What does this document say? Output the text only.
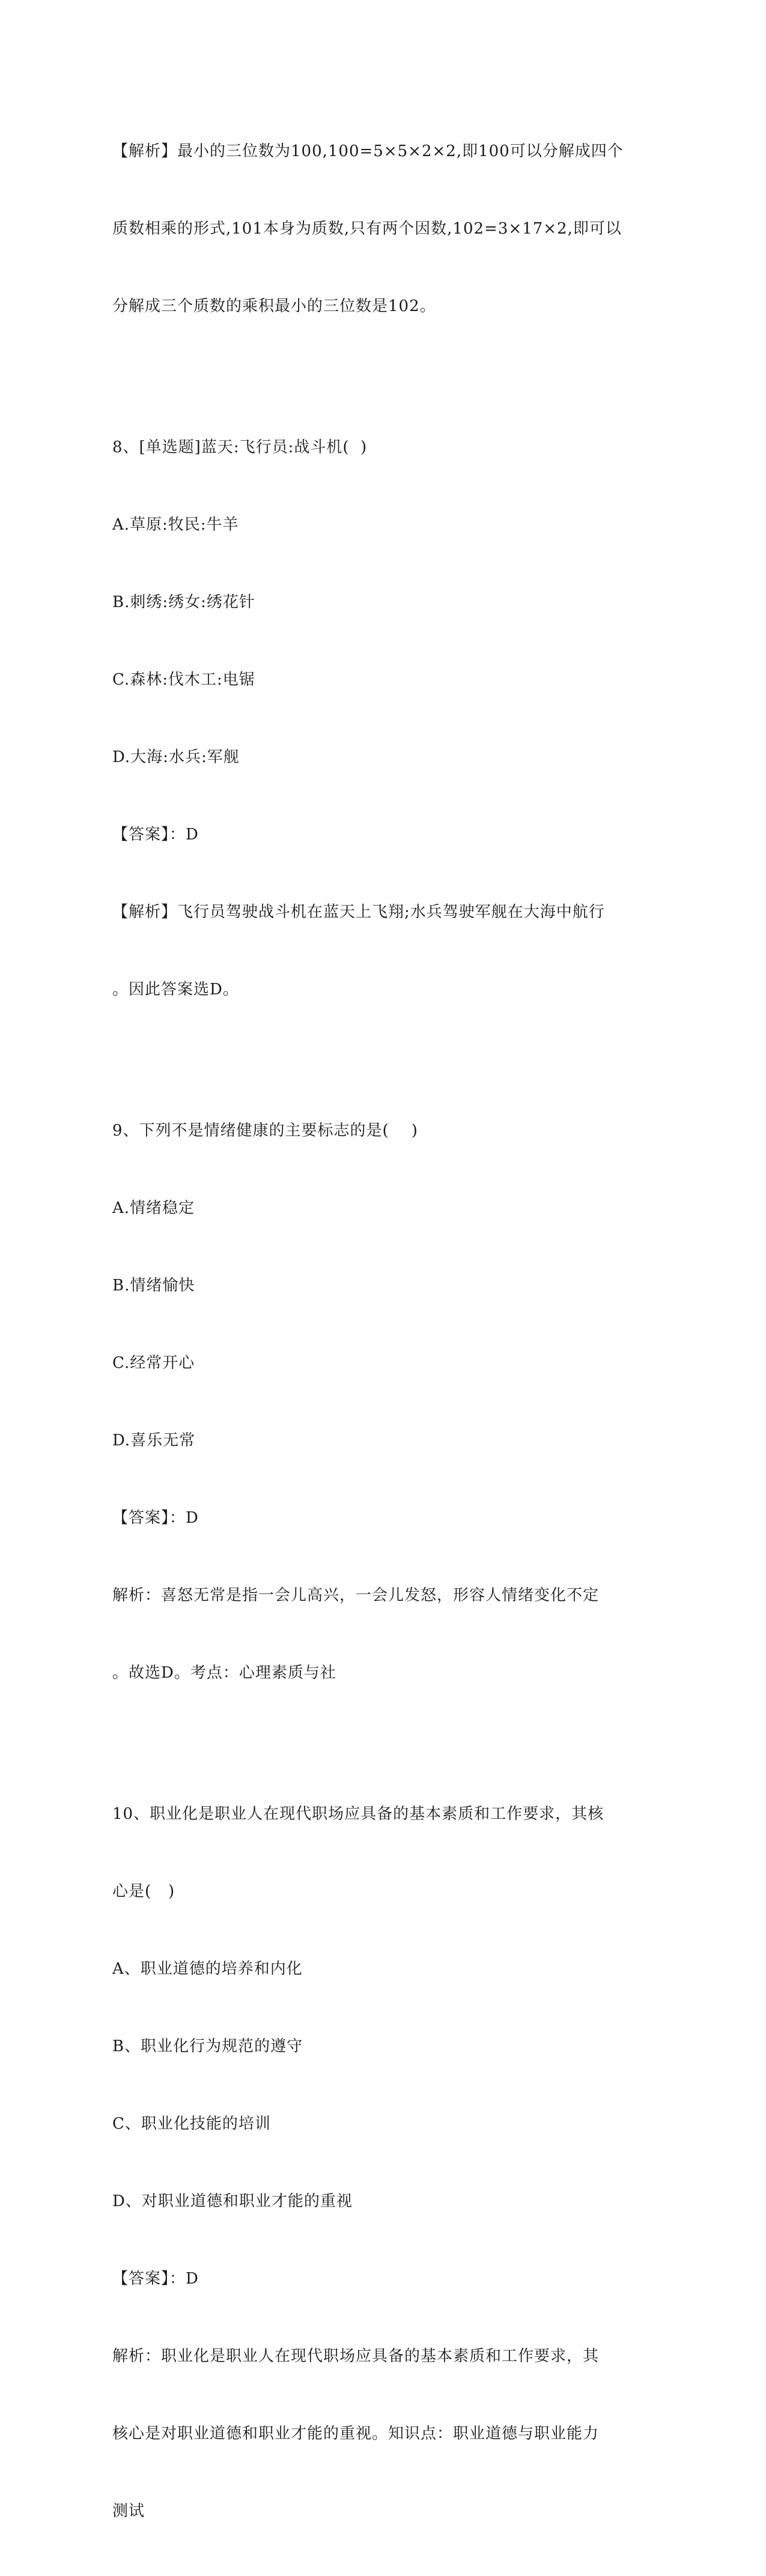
【解析】最小的三位数为100,100=5×5×2×2,即100可以分解成四个

质数相乘的形式,101本身为质数,只有两个因数,102=3×17×2,即可以

分解成三个质数的乘积最小的三位数是102。

8、[单选题]蓝天:飞行员:战斗机(  )

A.草原:牧民:牛羊

B.刺绣:绣女:绣花针

C.森林:伐木工:电锯

D.大海:水兵:军舰

【答案】：D

【解析】飞行员驾驶战斗机在蓝天上飞翔;水兵驾驶军舰在大海中航行

。因此答案选D。

9、下列不是情绪健康的主要标志的是(    )

A.情绪稳定

B.情绪愉快

C.经常开心

D.喜乐无常

【答案】：D

解析：喜怒无常是指一会儿高兴，一会儿发怒，形容人情绪变化不定

。故选D。考点：心理素质与社

10、职业化是职业人在现代职场应具备的基本素质和工作要求，其核

心是(   )

A、职业道德的培养和内化

B、职业化行为规范的遵守

C、职业化技能的培训

D、对职业道德和职业才能的重视

【答案】：D

解析：职业化是职业人在现代职场应具备的基本素质和工作要求，其

核心是对职业道德和职业才能的重视。知识点：职业道德与职业能力

测试
